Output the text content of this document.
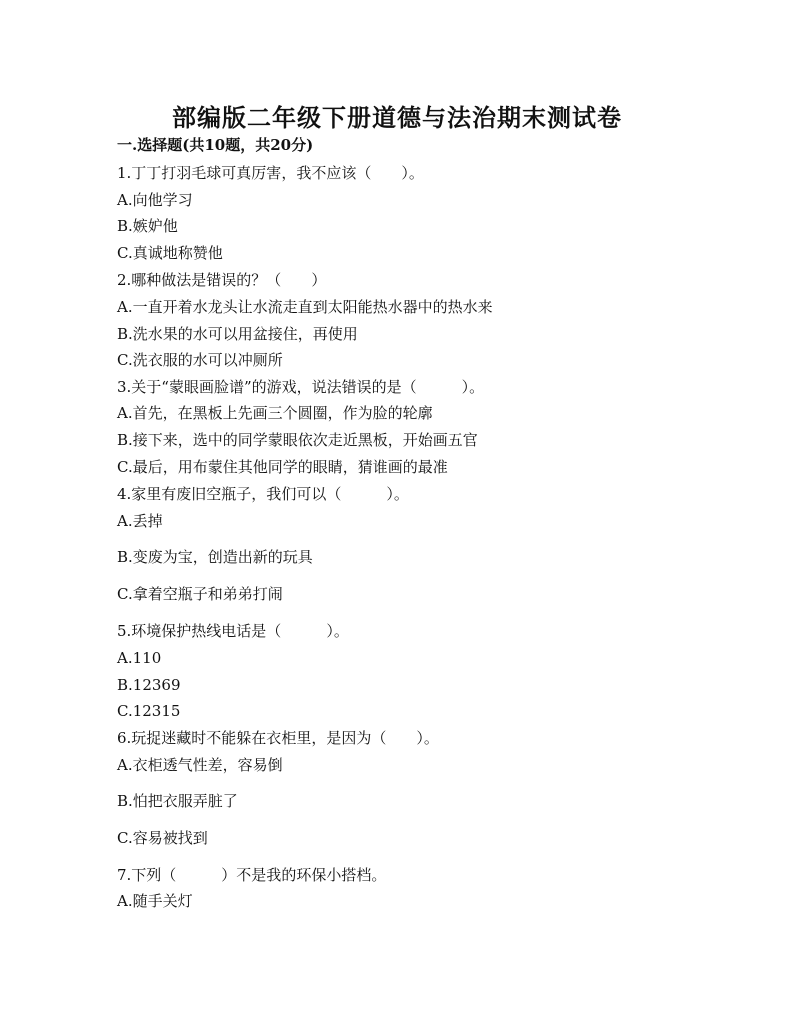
部编版二年级下册道德与法治期末测试卷
一.选择题(共10题，共20分)
1.丁丁打羽毛球可真厉害，我不应该（　　）。
A.向他学习
B.嫉妒他
C.真诚地称赞他
2.哪种做法是错误的？（　　）
A.一直开着水龙头让水流走直到太阳能热水器中的热水来
B.洗水果的水可以用盆接住，再使用
C.洗衣服的水可以冲厕所
3.关于“蒙眼画脸谱”的游戏，说法错误的是（　　　）。
A.首先，在黑板上先画三个圆圈，作为脸的轮廓
B.接下来，选中的同学蒙眼依次走近黑板，开始画五官
C.最后，用布蒙住其他同学的眼睛，猜谁画的最准
4.家里有废旧空瓶子，我们可以（　　　）。
A.丢掉
B.变废为宝，创造出新的玩具
C.拿着空瓶子和弟弟打闹
5.环境保护热线电话是（　　　）。
A.110
B.12369
C.12315
6.玩捉迷藏时不能躲在衣柜里，是因为（　　）。
A.衣柜透气性差，容易倒
B.怕把衣服弄脏了
C.容易被找到
7.下列（　　　）不是我的环保小搭档。
A.随手关灯
